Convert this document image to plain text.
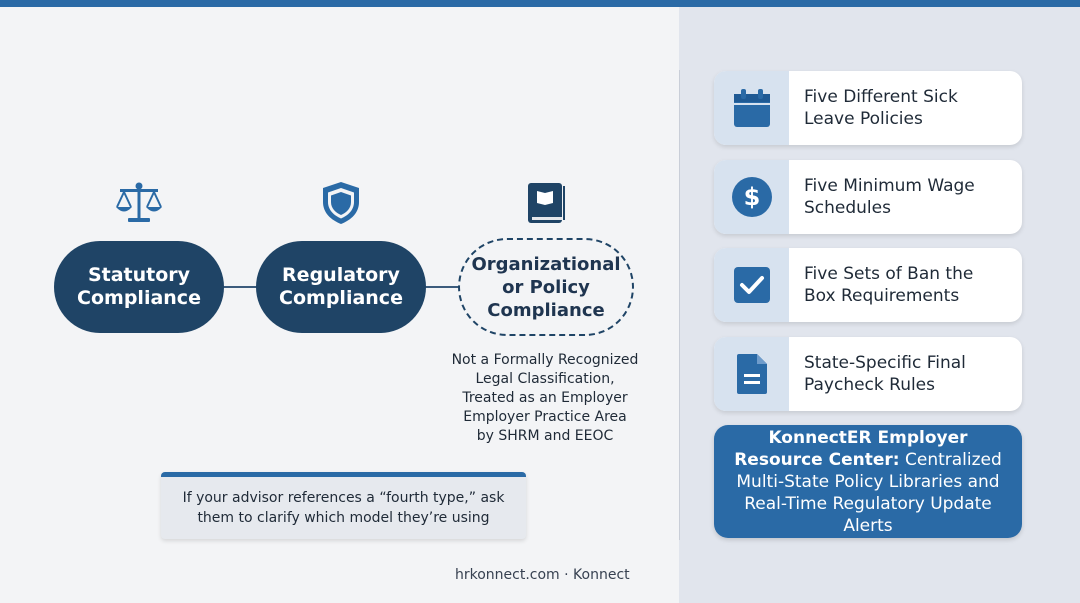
Statutory
Compliance
Regulatory
Compliance
Organizational
or Policy
Compliance
Not a Formally Recognized
Legal Classification,
Treated as an Employer
Employer Practice Area
by SHRM and EEOC
If your advisor references a “fourth type,” ask
them to clarify which model they’re using
hrkonnect.com · Konnect
Five Different Sick
Leave Policies
$	Five Minimum Wage
Schedules
Five Sets of Ban the
Box Requirements
State-Specific Final
Paycheck Rules
KonnectER Employer Resource Center: Centralized Multi-State Policy Libraries and Real-Time Regulatory Update Alerts
